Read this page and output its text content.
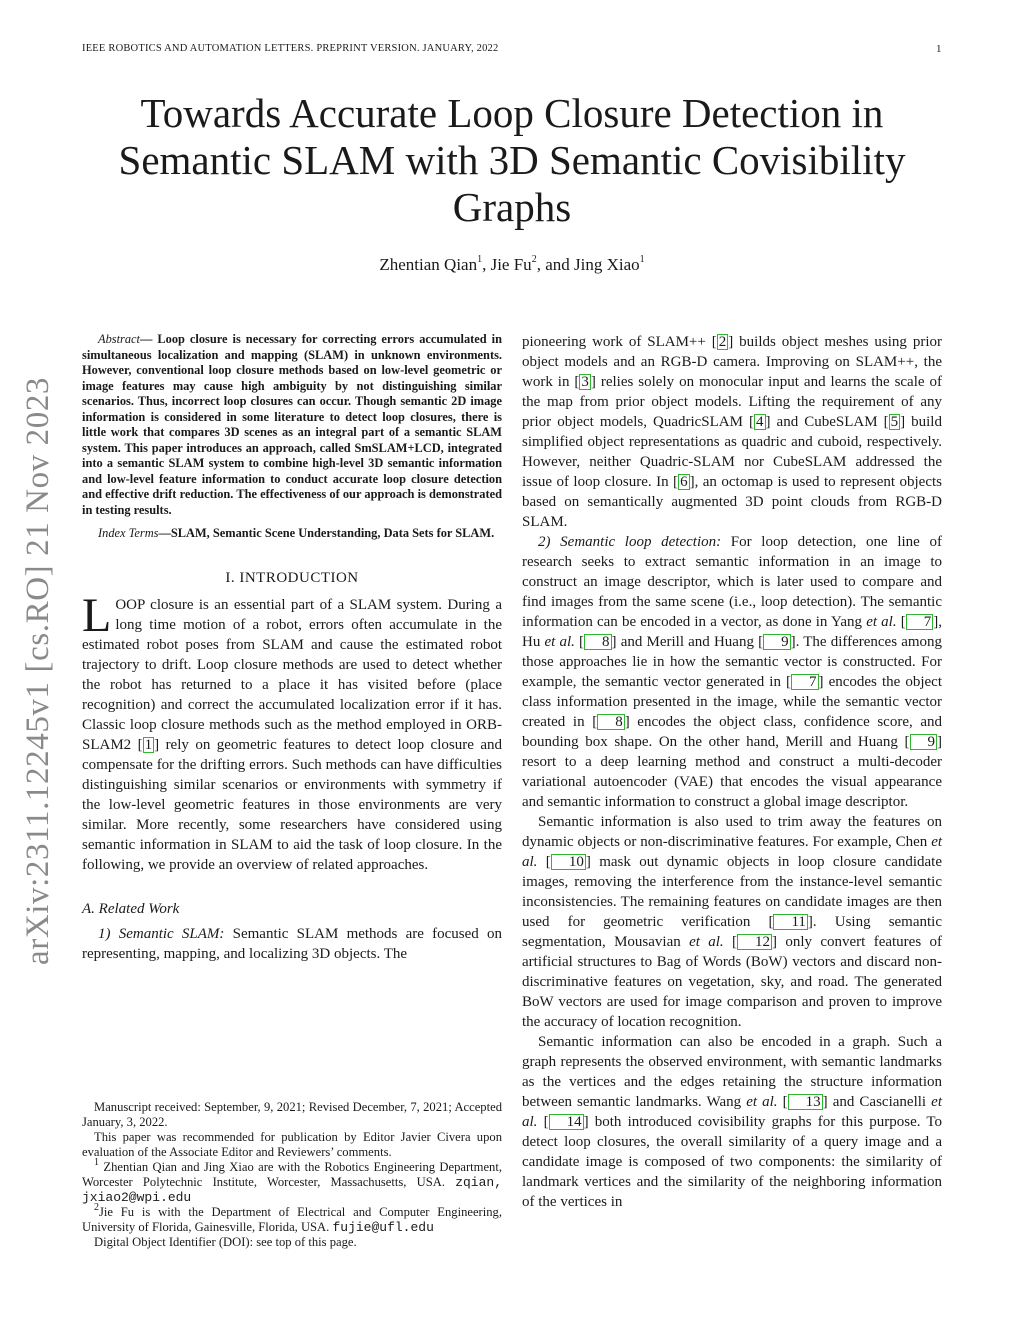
IEEE ROBOTICS AND AUTOMATION LETTERS. PREPRINT VERSION. JANUARY, 2022	1
Towards Accurate Loop Closure Detection in Semantic SLAM with 3D Semantic Covisibility Graphs
Zhentian Qian$^1$, Jie Fu$^2$, and Jing Xiao$^1$
arXiv:2311.12245v1 [cs.RO] 21 Nov 2023

Abstract— Loop closure is necessary for correcting errors accumulated in simultaneous localization and mapping (SLAM) in unknown environments. However, conventional loop closure methods based on low-level geometric or image features may cause high ambiguity by not distinguishing similar scenarios. Thus, incorrect loop closures can occur. Though semantic 2D image information is considered in some literature to detect loop closures, there is little work that compares 3D scenes as an integral part of a semantic SLAM system. This paper introduces an approach, called SmSLAM+LCD, integrated into a semantic SLAM system to combine high-level 3D semantic information and low-level feature information to conduct accurate loop closure detection and effective drift reduction. The effectiveness of our approach is demonstrated in testing results.

Index Terms—SLAM, Semantic Scene Understanding, Data Sets for SLAM.

I. INTRODUCTION

LOOP closure is an essential part of a SLAM system. During a long time motion of a robot, errors often accumulate in the estimated robot poses from SLAM and cause the estimated robot trajectory to drift. Loop closure methods are used to detect whether the robot has returned to a place it has visited before (place recognition) and correct the accumulated localization error if it has. Classic loop closure methods such as the method employed in ORB-SLAM2 [ 1 ] rely on geometric features to detect loop closure and compensate for the drifting errors. Such methods can have difficulties distinguishing similar scenarios or environments with symmetry if the low-level geometric features in those environments are very similar. More recently, some researchers have considered using semantic information in SLAM to aid the task of loop closure. In the following, we provide an overview of related approaches.

A. Related Work

1) Semantic SLAM: Semantic SLAM methods are focused on representing, mapping, and localizing 3D objects. The

Manuscript received: September, 9, 2021; Revised December, 7, 2021; Accepted January, 3, 2022.

This paper was recommended for publication by Editor Javier Civera upon evaluation of the Associate Editor and Reviewers’ comments.

$^1$ Zhentian Qian and Jing Xiao are with the Robotics Engineering Department, Worcester Polytechnic Institute, Worcester, Massachusetts, USA. zqian, jxiao2@wpi.edu

$^2$Jie Fu is with the Department of Electrical and Computer Engineering, University of Florida, Gainesville, Florida, USA. fujie@ufl.edu

Digital Object Identifier (DOI): see top of this page.

pioneering work of SLAM++ [ 2 ] builds object meshes using prior object models and an RGB-D camera. Improving on SLAM++, the work in [ 3 ] relies solely on monocular input and learns the scale of the map from prior object models. Lifting the requirement of any prior object models, QuadricSLAM [ 4 ] and CubeSLAM [ 5 ] build simplified object representations as quadric and cuboid, respectively. However, neither Quadric-SLAM nor CubeSLAM addressed the issue of loop closure. In [ 6 ], an octomap is used to represent objects based on semantically augmented 3D point clouds from RGB-D SLAM.

2) Semantic loop detection: For loop detection, one line of research seeks to extract semantic information in an image to construct an image descriptor, which is later used to compare and find images from the same scene (i.e., loop detection). The semantic information can be encoded in a vector, as done in Yang et al. [ 7 ], Hu et al. [ 8 ] and Merill and Huang [ 9 ]. The differences among those approaches lie in how the semantic vector is constructed. For example, the semantic vector generated in [ 7 ] encodes the object class information presented in the image, while the semantic vector created in [ 8 ] encodes the object class, confidence score, and bounding box shape. On the other hand, Merill and Huang [ 9 ] resort to a deep learning method and construct a multi-decoder variational autoencoder (VAE) that encodes the visual appearance and semantic information to construct a global image descriptor.

Semantic information is also used to trim away the features on dynamic objects or non-discriminative features. For example, Chen et al. [ 10 ] mask out dynamic objects in loop closure candidate images, removing the interference from the instance-level semantic inconsistencies. The remaining features on candidate images are then used for geometric verification [ 11 ]. Using semantic segmentation, Mousavian et al. [ 12 ] only convert features of artificial structures to Bag of Words (BoW) vectors and discard non-discriminative features on vegetation, sky, and road. The generated BoW vectors are used for image comparison and proven to improve the accuracy of location recognition.

Semantic information can also be encoded in a graph. Such a graph represents the observed environment, with semantic landmarks as the vertices and the edges retaining the structure information between semantic landmarks. Wang et al. [ 13 ] and Cascianelli et al. [ 14 ] both introduced covisibility graphs for this purpose. To detect loop closures, the overall similarity of a query image and a candidate image is composed of two components: the similarity of landmark vertices and the similarity of the neighboring information of the vertices in
